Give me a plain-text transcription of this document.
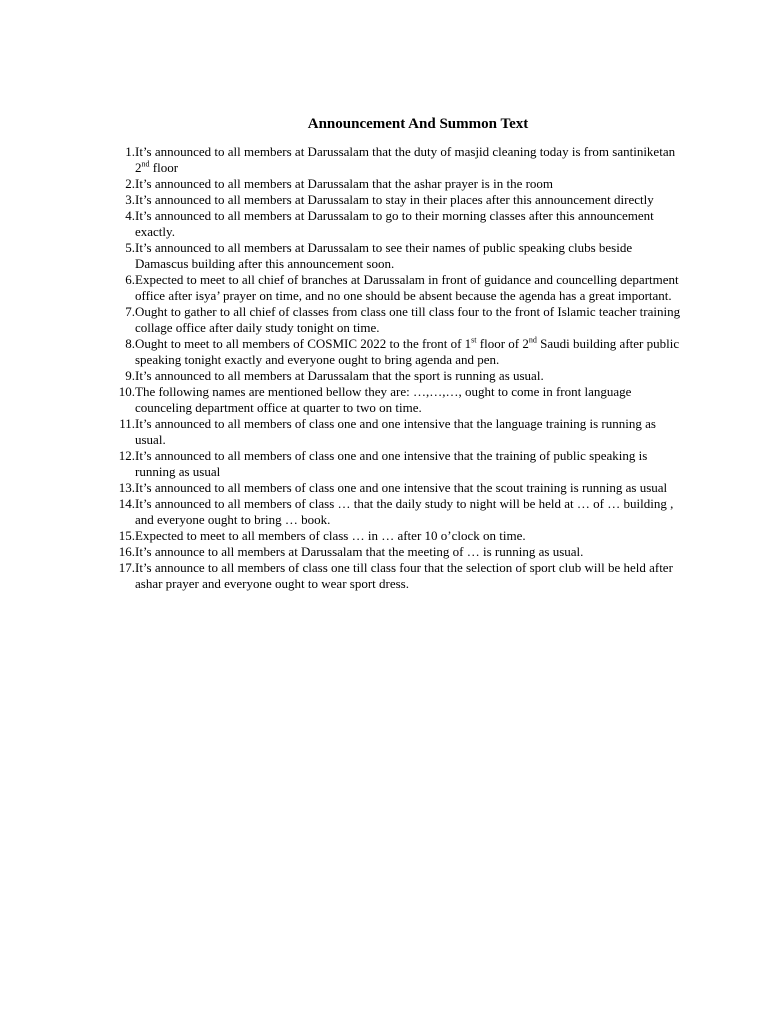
Announcement And Summon Text
1. It’s announced to all members at Darussalam that the duty of masjid cleaning today is from santiniketan 2nd floor
2. It’s announced to all members at Darussalam that the ashar prayer is in the room
3. It’s announced to all members at Darussalam to stay in their places after this announcement directly
4. It’s announced to all members at Darussalam to go to their morning classes after this announcement exactly.
5. It’s announced to all members at Darussalam to see their names of public speaking clubs beside Damascus building after this announcement soon.
6. Expected to meet to all chief of branches at Darussalam in front of guidance and councelling department office after isya’ prayer on time, and no one should be absent because the agenda has a great important.
7. Ought to gather to all chief of classes from class one till class four to the front of Islamic teacher training collage office after daily study tonight on time.
8. Ought to meet to all members of COSMIC 2022 to the front of 1st floor of 2nd Saudi building after public speaking tonight exactly and everyone ought to bring agenda and pen.
9. It’s announced to all members at Darussalam that the sport is running as usual.
10. The following names are mentioned bellow they are: …,…,…, ought to come in front language counceling department office at quarter to two on time.
11. It’s announced to all members of class one and one intensive that the language training is running as usual.
12. It’s announced to all members of class one and one intensive that the training of public speaking is running as usual
13. It’s announced to all members of class one and one intensive that the scout training is running as usual
14. It’s announced to all members of class … that the daily study to night will be held at … of … building , and everyone ought to bring … book.
15. Expected to meet to all members of class … in … after 10 o’clock on time.
16. It’s announce to all members at Darussalam that the meeting of … is running as usual.
17. It’s announce to all members of class one till class four that the selection of sport club will be held after ashar prayer and everyone ought to wear sport dress.
